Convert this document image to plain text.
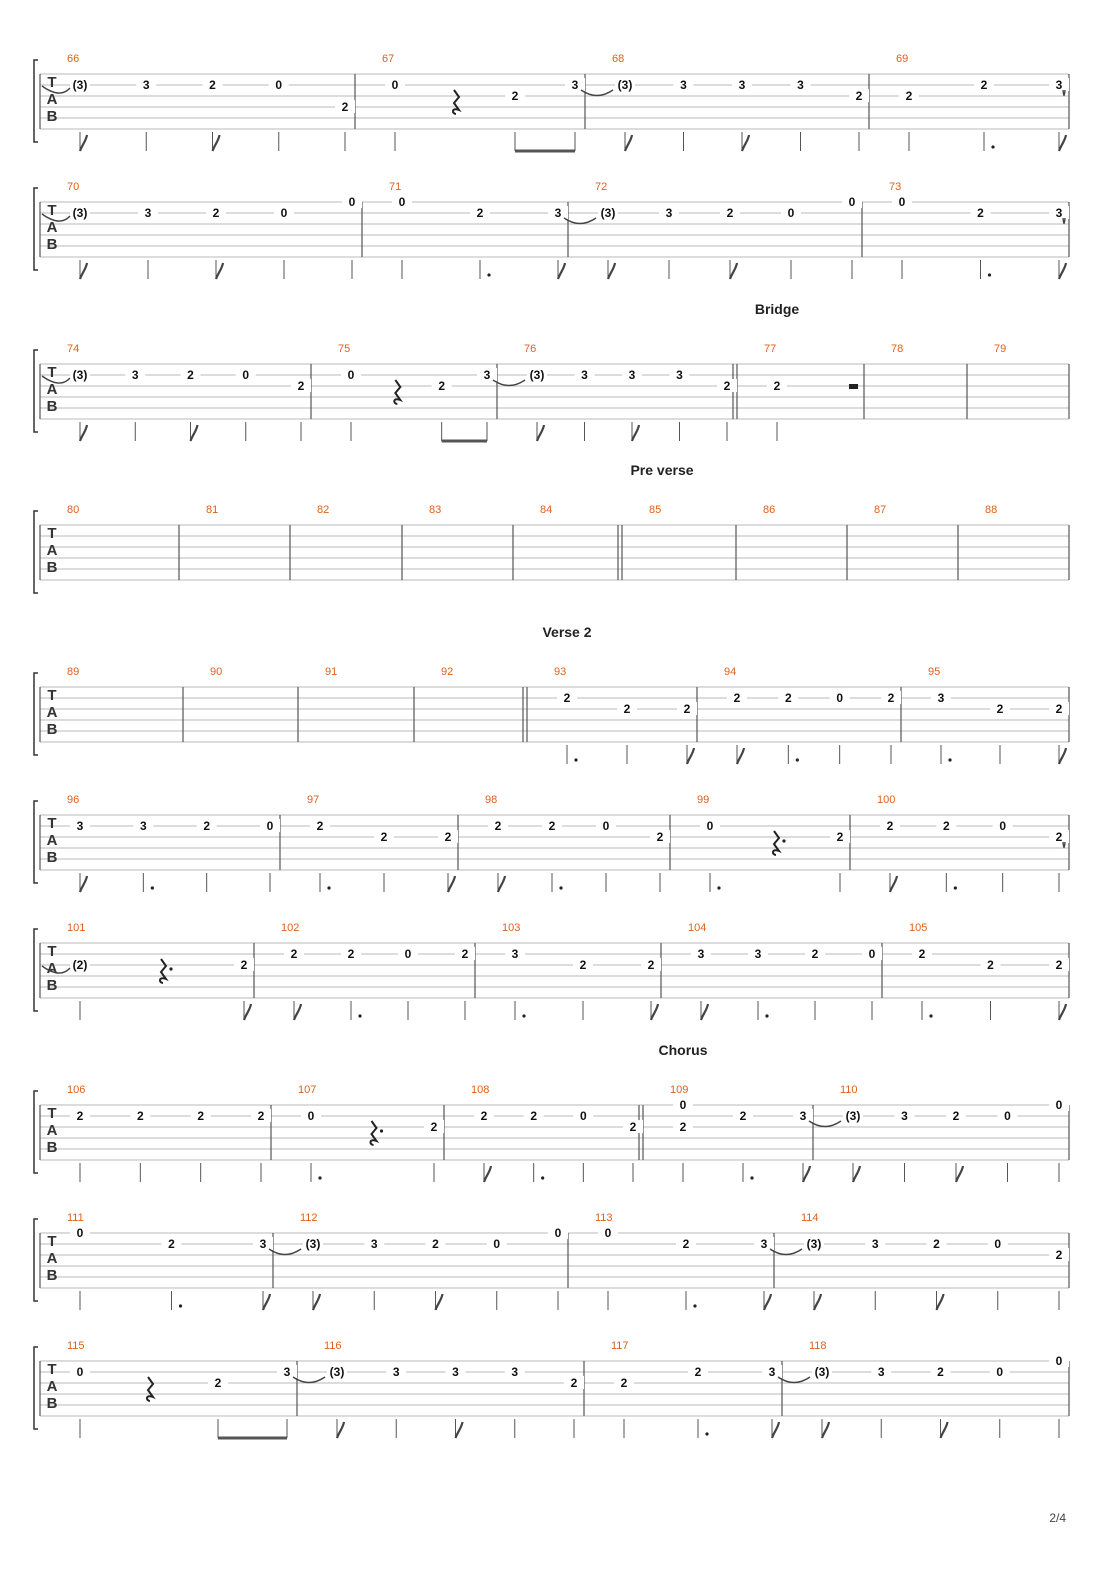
T
A
B
66
(3)	3	2	0
2
67
0
2
3
68
(3)	3	3	3
2
69
2
2	3
T
A
B
70
(3)	3	2	0
0
71
0
2	3
72
(3)	3	2	0
0
73
0
2	3
Bridge
T
A
B
74
(3)	3	2	0
2
75
0
2
3
76
(3)	3	3	3
2
77
2
78	79
Pre verse
T
A
B
80	81	82	83	84	85	86	87	88
Verse 2
T
A
B
89	90	91	92	93
2
2	2
94
2	2	0	2
95
3
2	2
T
A
B
96
3	3	2	0
97
2
2	2
98
2	2	0
2
99
0
2
100
2	2	0
2
T
A
B
101
(2)	2
102
2	2	0	2
103
3
2	2
104
3	3	2	0
105
2
2	2
Chorus
T
A
B
106
2	2	2	2
107
0
2
108
2	2	0
2
109
0
2
2	3
110
(3)	3	2	0
0
T
A
B
111
0
2	3
112
(3)	3	2	0
0
113
0
2	3
114
(3)	3	2	0
2
T
A
B
115
0
2
3
116
(3)	3	3	3
2
117
2
2	3
118
(3)	3	2	0
0
2/4
